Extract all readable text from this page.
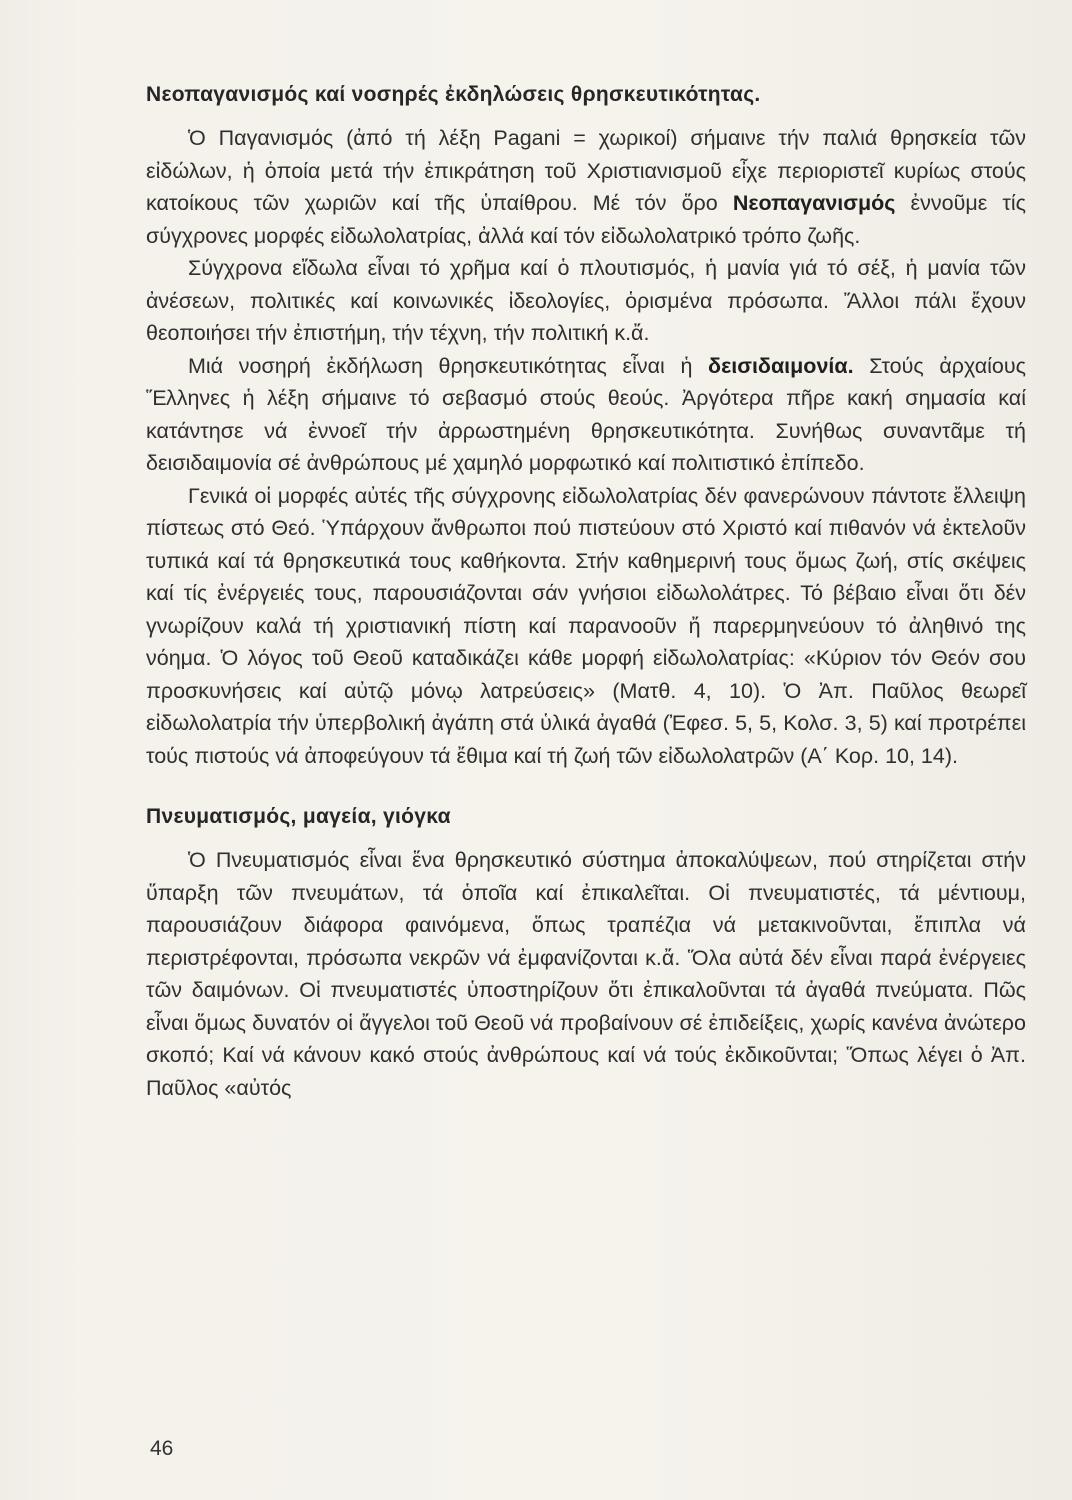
Νεοπαγανισμός καί νοσηρές ἐκδηλώσεις θρησκευτικότητας.

Ὁ Παγανισμός (ἀπό τή λέξη Pagani = χωρικοί) σήμαινε τήν παλιά θρησκεία τῶν εἰδώλων, ἡ ὁποία μετά τήν ἐπικράτηση τοῦ Χριστιανισμοῦ εἶχε περιοριστεῖ κυρίως στούς κατοίκους τῶν χωριῶν καί τῆς ὑπαίθρου. Μέ τόν ὅρο Νεοπαγανισμός ἐννοῦμε τίς σύγχρονες μορφές εἰδωλολατρίας, ἀλλά καί τόν εἰδωλολατρικό τρόπο ζωῆς.

Σύγχρονα εἴδωλα εἶναι τό χρῆμα καί ὁ πλουτισμός, ἡ μανία γιά τό σέξ, ἡ μανία τῶν ἀνέσεων, πολιτικές καί κοινωνικές ἰδεολογίες, ὁρισμένα πρόσωπα. Ἄλλοι πάλι ἔχουν θεοποιήσει τήν ἐπιστήμη, τήν τέχνη, τήν πολιτική κ.ἄ.

Μιά νοσηρή ἐκδήλωση θρησκευτικότητας εἶναι ἡ δεισιδαιμονία. Στούς ἀρχαίους Ἕλληνες ἡ λέξη σήμαινε τό σεβασμό στούς θεούς. Ἀργότερα πῆρε κακή σημασία καί κατάντησε νά ἐννοεῖ τήν ἀρρωστημένη θρησκευτικότητα. Συνήθως συναντᾶμε τή δεισιδαιμονία σέ ἀνθρώπους μέ χαμηλό μορφωτικό καί πολιτιστικό ἐπίπεδο.

Γενικά οἱ μορφές αὐτές τῆς σύγχρονης εἰδωλολατρίας δέν φανερώνουν πάντοτε ἔλλειψη πίστεως στό Θεό. Ὑπάρχουν ἄνθρωποι πού πιστεύουν στό Χριστό καί πιθανόν νά ἐκτελοῦν τυπικά καί τά θρησκευτικά τους καθήκοντα. Στήν καθημερινή τους ὅμως ζωή, στίς σκέψεις καί τίς ἐνέργειές τους, παρουσιάζονται σάν γνήσιοι εἰδωλολάτρες. Τό βέβαιο εἶναι ὅτι δέν γνωρίζουν καλά τή χριστιανική πίστη καί παρανοοῦν ἤ παρερμηνεύουν τό ἀληθινό της νόημα. Ὁ λόγος τοῦ Θεοῦ καταδικάζει κάθε μορφή εἰδωλολατρίας: «Κύριον τόν Θεόν σου προσκυνήσεις καί αὐτῷ μόνῳ λατρεύσεις» (Ματθ. 4, 10). Ὁ Ἀπ. Παῦλος θεωρεῖ εἰδωλολατρία τήν ὑπερβολική ἀγάπη στά ὑλικά ἀγαθά (Ἐφεσ. 5, 5, Κολσ. 3, 5) καί προτρέπει τούς πιστούς νά ἀποφεύγουν τά ἔθιμα καί τή ζωή τῶν εἰδωλολατρῶν (Α΄ Κορ. 10, 14).

Πνευματισμός, μαγεία, γιόγκα

Ὁ Πνευματισμός εἶναι ἕνα θρησκευτικό σύστημα ἀποκαλύψεων, πού στηρίζεται στήν ὕπαρξη τῶν πνευμάτων, τά ὁποῖα καί ἐπικαλεῖται. Οἱ πνευματιστές, τά μέντιουμ, παρουσιάζουν διάφορα φαινόμενα, ὅπως τραπέζια νά μετακινοῦνται, ἔπιπλα νά περιστρέφονται, πρόσωπα νεκρῶν νά ἐμφανίζονται κ.ἄ. Ὅλα αὐτά δέν εἶναι παρά ἐνέργειες τῶν δαιμόνων. Οἱ πνευματιστές ὑποστηρίζουν ὅτι ἐπικαλοῦνται τά ἀγαθά πνεύματα. Πῶς εἶναι ὅμως δυνατόν οἱ ἄγγελοι τοῦ Θεοῦ νά προβαίνουν σέ ἐπιδείξεις, χωρίς κανένα ἀνώτερο σκοπό; Καί νά κάνουν κακό στούς ἀνθρώπους καί νά τούς ἐκδικοῦνται; Ὅπως λέγει ὁ Ἀπ. Παῦλος «αὐτός

46
